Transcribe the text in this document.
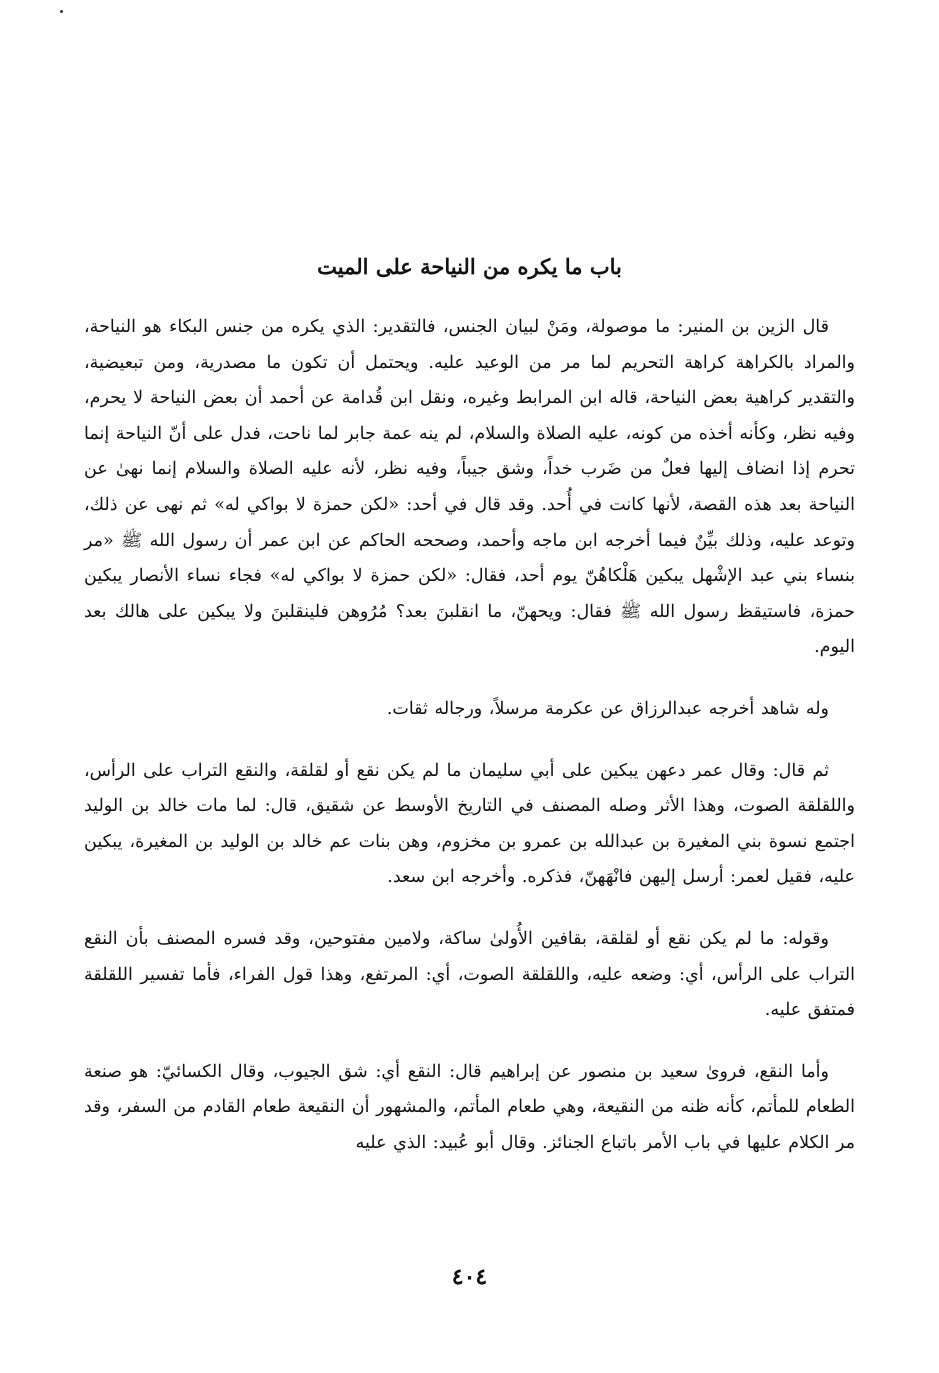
باب ما يكره من النياحة على الميت

قال الزين بن المنير: ما موصولة، ومَنْ لبيان الجنس، فالتقدير: الذي يكره من جنس البكاء هو النياحة، والمراد بالكراهة كراهة التحريم لما مر من الوعيد عليه. ويحتمل أن تكون ما مصدرية، ومن تبعيضية، والتقدير كراهية بعض النياحة، قاله ابن المرابط وغيره، ونقل ابن قُدامة عن أحمد أن بعض النياحة لا يحرم، وفيه نظر، وكأنه أخذه من كونه، عليه الصلاة والسلام، لم ينه عمة جابر لما ناحت، فدل على أنّ النياحة إنما تحرم إذا انضاف إليها فعلٌ من ضَرب خداً، وشق جيباً، وفيه نظر، لأنه عليه الصلاة والسلام إنما نهىٰ عن النياحة بعد هذه القصة، لأنها كانت في أُحد. وقد قال في أحد: «لكن حمزة لا بواكي له» ثم نهى عن ذلك، وتوعد عليه، وذلك بيِّنٌ فيما أخرجه ابن ماجه وأحمد، وصححه الحاكم عن ابن عمر أن رسول الله ﷺ «مر بنساء بني عبد الإشْهل يبكين هَلْكاهُنّ يوم أحد، فقال: «لكن حمزة لا بواكي له» فجاء نساء الأنصار يبكين حمزة، فاستيقظ رسول الله ﷺ فقال: ويحهنّ، ما انقلبنَ بعد؟ مُرُوهن فلينقلبنَ ولا يبكين على هالك بعد اليوم.

وله شاهد أخرجه عبدالرزاق عن عكرمة مرسلاً، ورجاله ثقات.

ثم قال: وقال عمر دعهن يبكين على أبي سليمان ما لم يكن نقع أو لقلقة، والنقع التراب على الرأس، واللقلقة الصوت، وهذا الأثر وصله المصنف في التاريخ الأوسط عن شقيق، قال: لما مات خالد بن الوليد اجتمع نسوة بني المغيرة بن عبدالله بن عمرو بن مخزوم، وهن بنات عم خالد بن الوليد بن المغيرة، يبكين عليه، فقيل لعمر: أرسل إليهن فانْهَهنّ، فذكره. وأخرجه ابن سعد.

وقوله: ما لم يكن نقع أو لقلقة، بقافين الأُولىٰ ساكة، ولامين مفتوحين، وقد فسره المصنف بأن النقع التراب على الرأس، أي: وضعه عليه، واللقلقة الصوت، أي: المرتفع، وهذا قول الفراء، فأما تفسير اللقلقة فمتفق عليه.

وأما النقع، فروىٰ سعيد بن منصور عن إبراهيم قال: النقع أي: شق الجيوب، وقال الكسائيّ: هو صنعة الطعام للمأتم، كأنه ظنه من النقيعة، وهي طعام المأتم، والمشهور أن النقيعة طعام القادم من السفر، وقد مر الكلام عليها في باب الأمر باتباع الجنائز. وقال أبو عُبيد: الذي عليه

٤٠٤
